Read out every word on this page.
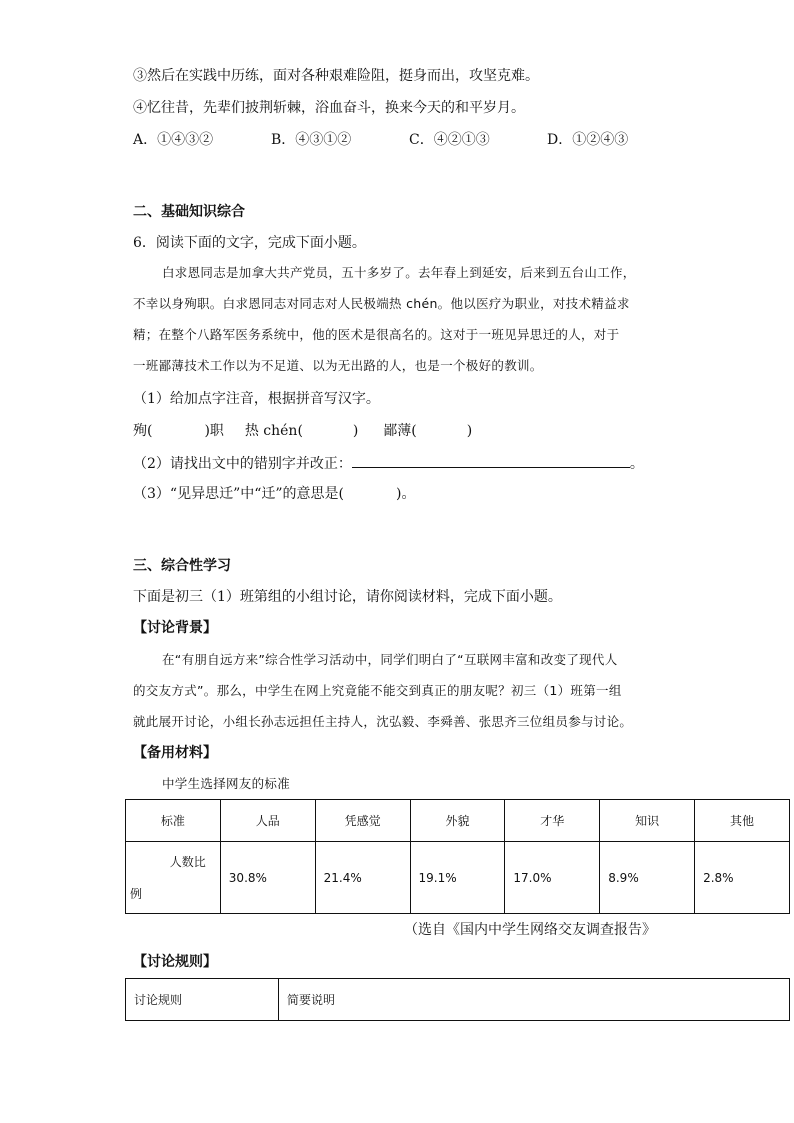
③然后在实践中历练，面对各种艰难险阻，挺身而出，攻坚克难。
④忆往昔，先辈们披荆斩棘，浴血奋斗，换来今天的和平岁月。
A．①④③②	B．④③①②	C．④②①③	D．①②④③
二、基础知识综合
6．阅读下面的文字，完成下面小题。
白求恩同志是加拿大共产党员，五十多岁了。去年春上到延安，后来到五台山工作，
不幸以身殉职。白求恩同志对同志对人民极端热 chén。他以医疗为职业，对技术精益求
精；在整个八路军医务系统中，他的医术是很高名的。这对于一班见异思迁的人，对于
一班鄙薄技术工作以为不足道、以为无出路的人，也是一个极好的教训。
（1）给加点字注音，根据拼音写汉字。
殉(	)职 热 chén(	) 鄙薄(	)
（2）请找出文中的错别字并改正：	。
（3）“见异思迁”中“迁”的意思是(	)。
三、综合性学习
下面是初三（1）班第组的小组讨论，请你阅读材料，完成下面小题。
【讨论背景】
在“有朋自远方来”综合性学习活动中，同学们明白了“互联网丰富和改变了现代人
的交友方式”。那么，中学生在网上究竟能不能交到真正的朋友呢？初三（1）班第一组
就此展开讨论，小组长孙志远担任主持人，沈弘毅、李舜善、张思齐三位组员参与讨论。
【备用材料】
中学生选择网友的标准
标准	人品	凭感觉	外貌	才华	知识	其他

人数比
例	30.8%	21.4%	19.1%	17.0%	8.9%	2.8%
（选自《国内中学生网络交友调查报告》
【讨论规则】
讨论规则	简要说明
